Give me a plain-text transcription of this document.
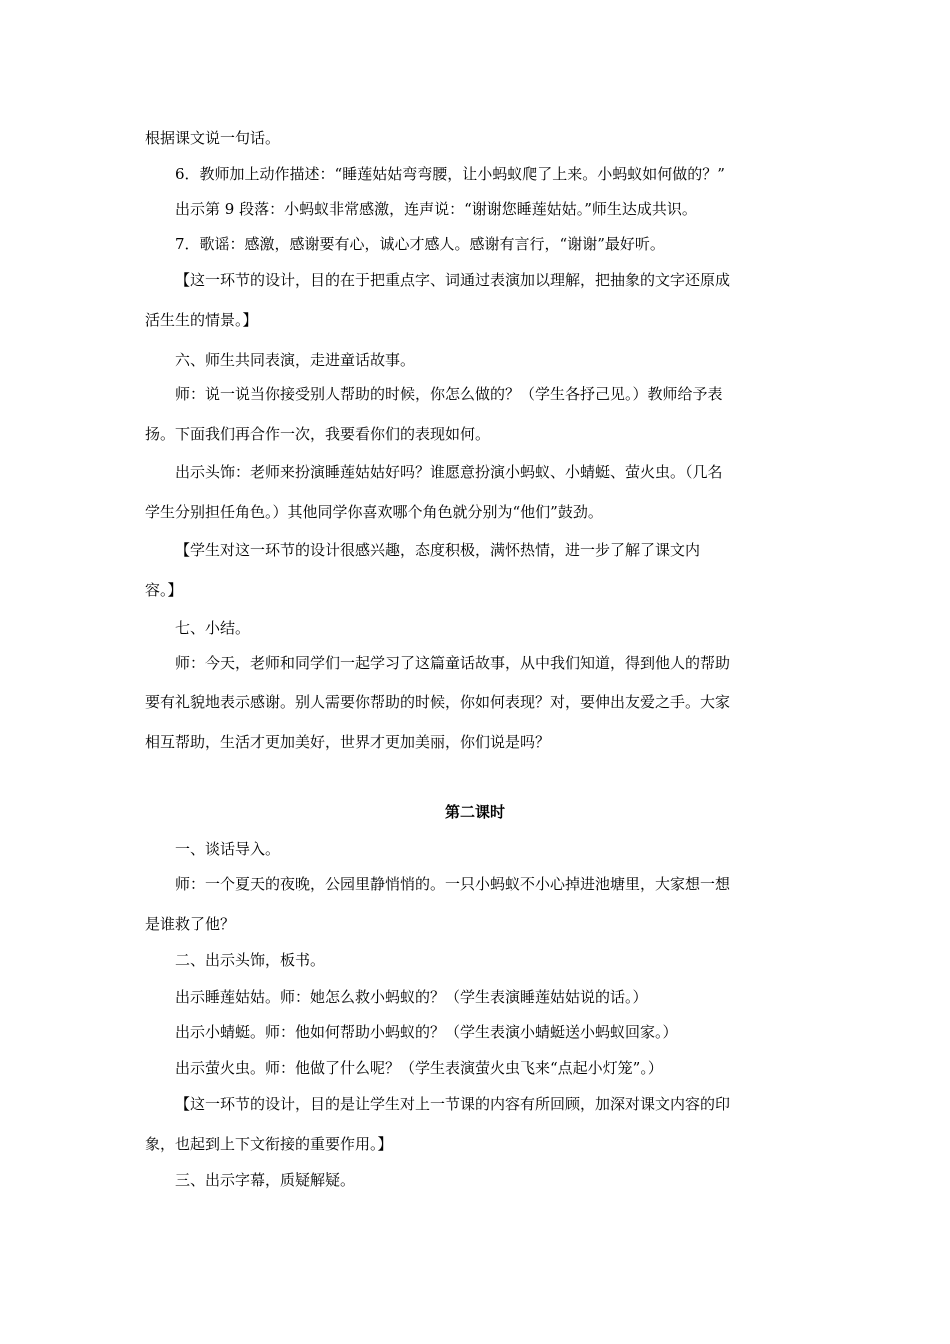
根据课文说一句话。
6．教师加上动作描述：“睡莲姑姑弯弯腰，让小蚂蚁爬了上来。小蚂蚁如何做的？”
出示第 9 段落：小蚂蚁非常感激，连声说：“谢谢您睡莲姑姑。”师生达成共识。
7．歌谣：感激，感谢要有心，诚心才感人。感谢有言行，“谢谢”最好听。
【这一环节的设计，目的在于把重点字、词通过表演加以理解，把抽象的文字还原成
活生生的情景。】
六、师生共同表演，走进童话故事。
师：说一说当你接受别人帮助的时候，你怎么做的？（学生各抒己见。）教师给予表
扬。下面我们再合作一次，我要看你们的表现如何。
出示头饰：老师来扮演睡莲姑姑好吗？谁愿意扮演小蚂蚁、小蜻蜓、萤火虫。（几名
学生分别担任角色。）其他同学你喜欢哪个角色就分别为“他们”鼓劲。
【学生对这一环节的设计很感兴趣，态度积极，满怀热情，进一步了解了课文内
容。】
七、小结。
师：今天，老师和同学们一起学习了这篇童话故事，从中我们知道，得到他人的帮助
要有礼貌地表示感谢。别人需要你帮助的时候，你如何表现？对，要伸出友爱之手。大家
相互帮助，生活才更加美好，世界才更加美丽，你们说是吗？
第二课时
一、谈话导入。
师：一个夏天的夜晚，公园里静悄悄的。一只小蚂蚁不小心掉进池塘里，大家想一想
是谁救了他？
二、出示头饰，板书。
出示睡莲姑姑。师：她怎么救小蚂蚁的？（学生表演睡莲姑姑说的话。）
出示小蜻蜓。师：他如何帮助小蚂蚁的？（学生表演小蜻蜓送小蚂蚁回家。）
出示萤火虫。师：他做了什么呢？（学生表演萤火虫飞来“点起小灯笼”。）
【这一环节的设计，目的是让学生对上一节课的内容有所回顾，加深对课文内容的印
象，也起到上下文衔接的重要作用。】
三、出示字幕，质疑解疑。
